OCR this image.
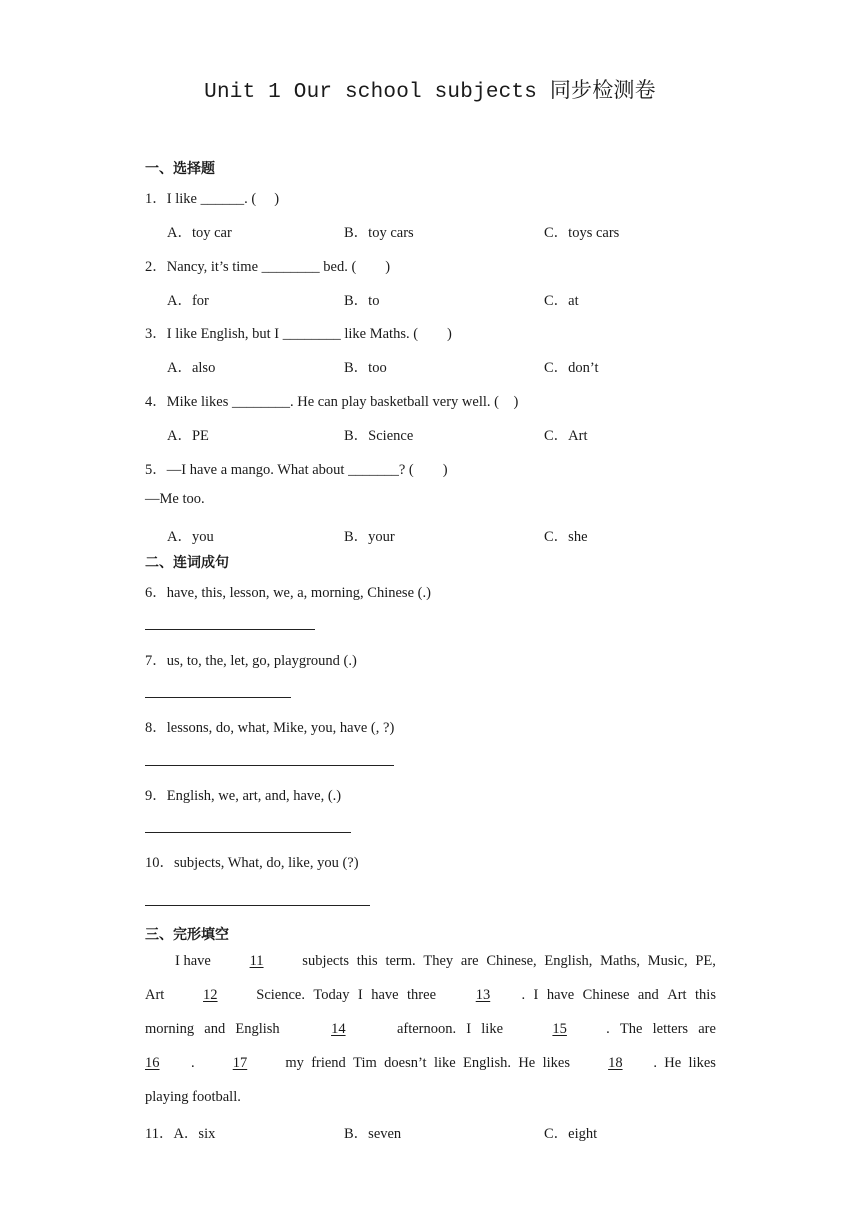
Unit 1 Our school subjects 同步检测卷
一、选择题
1．I like ______. (　 )
A．toy car	B．toy cars	C．toys cars
2．Nancy, it’s time ________ bed. (　　)
A．for	B．to	C．at
3．I like English, but I ________ like Maths. (　　)
A．also	B．too	C．don’t
4．Mike likes ________. He can play basketball very well. (　)
A．PE	B．Science	C．Art
5．—I have a mango. What about _______? (　　)
—Me too.
A．you	B．your	C．she
二、连词成句
6．have, this, lesson, we, a, morning, Chinese (.)
7．us, to, the, let, go, playground (.)
8．lessons, do, what, Mike, you, have (, ?)
9．English, we, art, and, have, (.)
10．subjects, What, do, like, you (?)
三、完形填空
I have	11	subjects this term. They are Chinese, English, Maths, Music, PE,
Art	12	Science. Today I have three	13 . I have Chinese and Art this
morning and English	14	afternoon. I like	15	. The letters are
16 .	17	my friend Tim doesn’t like English. He likes	18 . He likes
playing football.
11．A．six	B．seven	C．eight
